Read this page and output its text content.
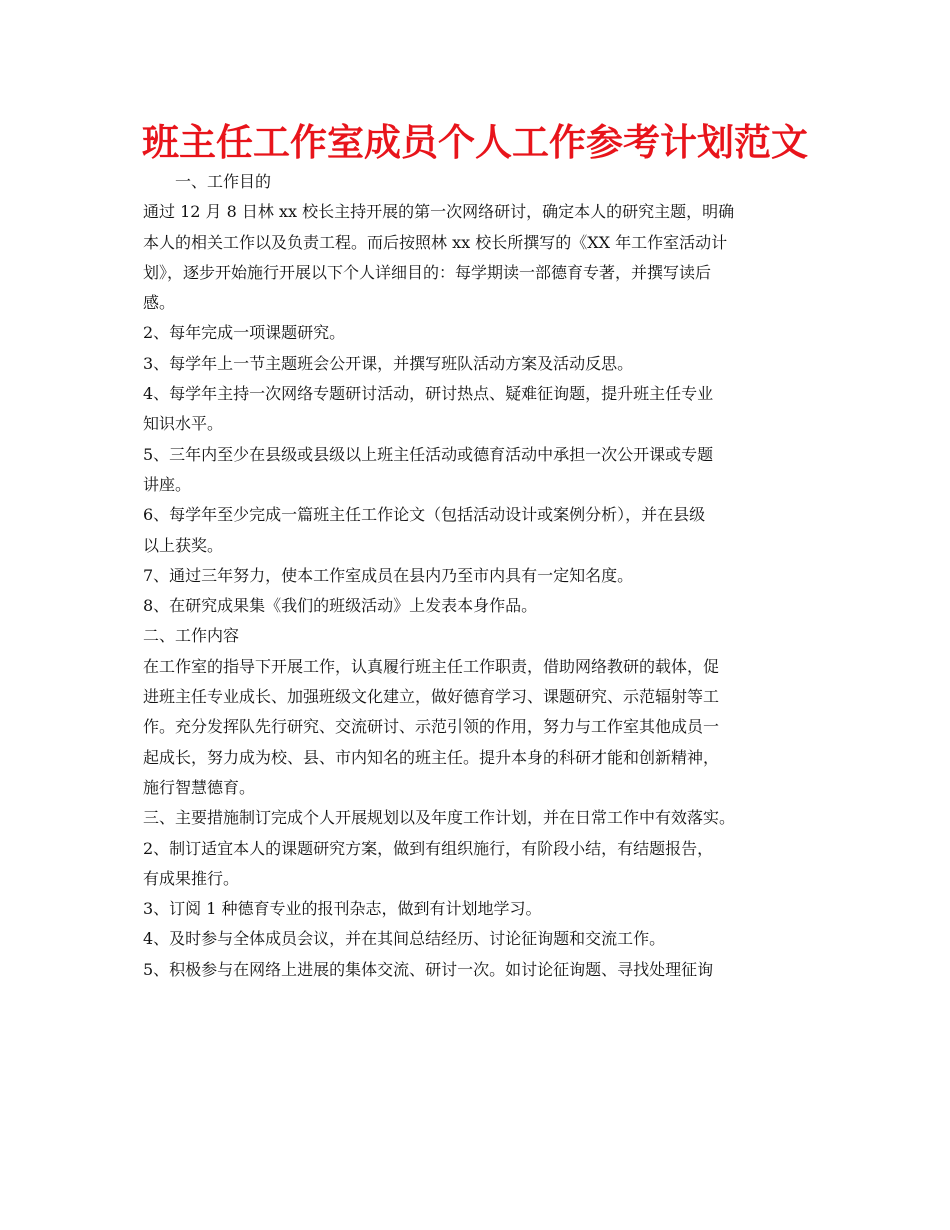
班主任工作室成员个人工作参考计划范文
一、工作目的
通过 12 月 8 日林 xx 校长主持开展的第一次网络研讨，确定本人的研究主题，明确
本人的相关工作以及负责工程。而后按照林 xx 校长所撰写的《XX 年工作室活动计
划》，逐步开始施行开展以下个人详细目的：每学期读一部德育专著，并撰写读后
感。
2、每年完成一项课题研究。
3、每学年上一节主题班会公开课，并撰写班队活动方案及活动反思。
4、每学年主持一次网络专题研讨活动，研讨热点、疑难征询题，提升班主任专业
知识水平。
5、三年内至少在县级或县级以上班主任活动或德育活动中承担一次公开课或专题
讲座。
6、每学年至少完成一篇班主任工作论文（包括活动设计或案例分析），并在县级
以上获奖。
7、通过三年努力，使本工作室成员在县内乃至市内具有一定知名度。
8、在研究成果集《我们的班级活动》上发表本身作品。
二、工作内容
在工作室的指导下开展工作，认真履行班主任工作职责，借助网络教研的载体，促
进班主任专业成长、加强班级文化建立，做好德育学习、课题研究、示范辐射等工
作。充分发挥队先行研究、交流研讨、示范引领的作用，努力与工作室其他成员一
起成长，努力成为校、县、市内知名的班主任。提升本身的科研才能和创新精神，
施行智慧德育。
三、主要措施制订完成个人开展规划以及年度工作计划，并在日常工作中有效落实。
2、制订适宜本人的课题研究方案，做到有组织施行，有阶段小结，有结题报告，
有成果推行。
3、订阅 1 种德育专业的报刊杂志，做到有计划地学习。
4、及时参与全体成员会议，并在其间总结经历、讨论征询题和交流工作。
5、积极参与在网络上进展的集体交流、研讨一次。如讨论征询题、寻找处理征询
